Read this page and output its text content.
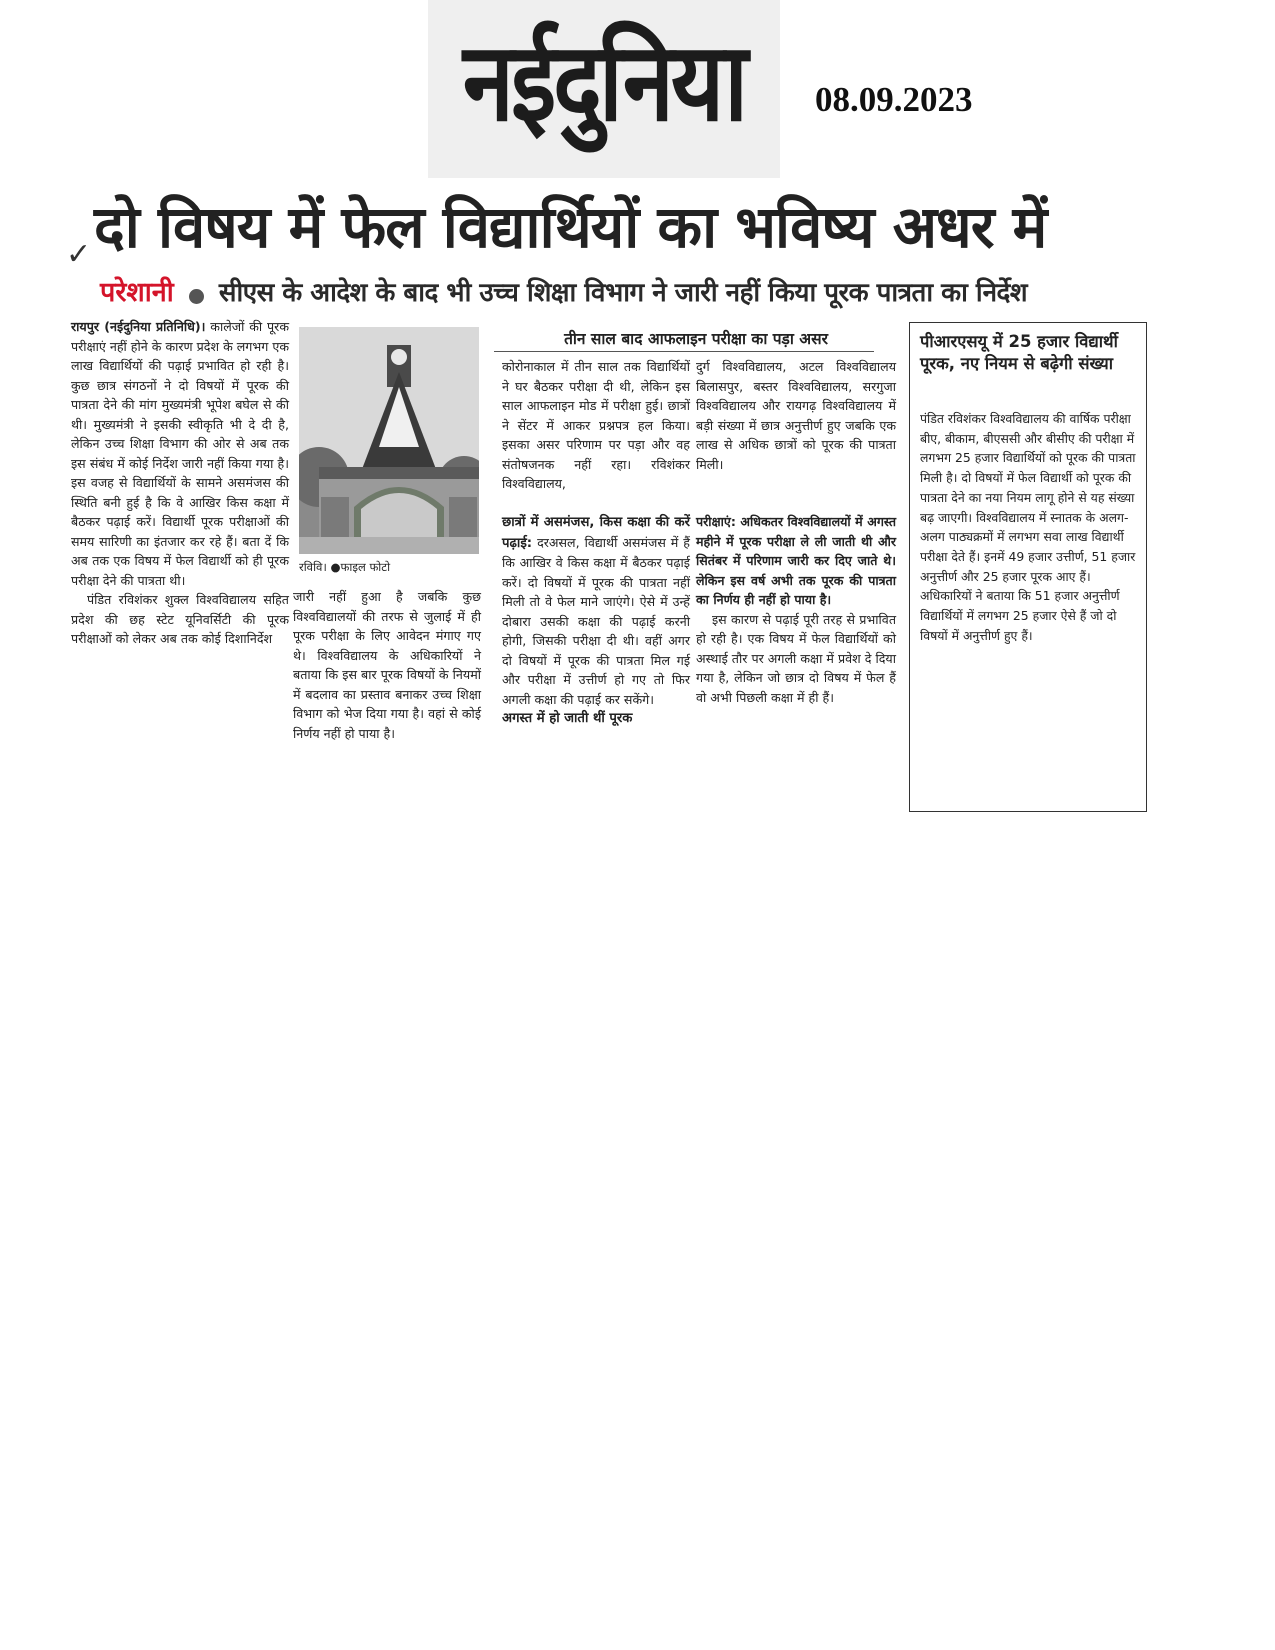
नईदुनिया	08.09.2023
✓ दो विषय में फेल विद्यार्थियों का भविष्य अधर में
परेशानी सीएस के आदेश के बाद भी उच्च शिक्षा विभाग ने जारी नहीं किया पूरक पात्रता का निर्देश

रायपुर (नईदुनिया प्रतिनिधि)। कालेजों की पूरक परीक्षाएं नहीं होने के कारण प्रदेश के लगभग एक लाख विद्यार्थियों की पढ़ाई प्रभावित हो रही है। कुछ छात्र संगठनों ने दो विषयों में पूरक की पात्रता देने की मांग मुख्यमंत्री भूपेश बघेल से की थी। मुख्यमंत्री ने इसकी स्वीकृति भी दे दी है, लेकिन उच्च शिक्षा विभाग की ओर से अब तक इस संबंध में कोई निर्देश जारी नहीं किया गया है। इस वजह से विद्यार्थियों के सामने असमंजस की स्थिति बनी हुई है कि वे आखिर किस कक्षा में बैठकर पढ़ाई करें। विद्यार्थी पूरक परीक्षाओं की समय सारिणी का इंतजार कर रहे हैं। बता दें कि अब तक एक विषय में फेल विद्यार्थी को ही पूरक परीक्षा देने की पात्रता थी।

पंडित रविशंकर शुक्ल विश्वविद्यालय सहित प्रदेश की छह स्टेट यूनिवर्सिटी की पूरक परीक्षाओं को लेकर अब तक कोई दिशानिर्देश

रविवि। ●फाइल फोटो

जारी नहीं हुआ है जबकि कुछ विश्वविद्यालयों की तरफ से जुलाई में ही पूरक परीक्षा के लिए आवेदन मंगाए गए थे। विश्वविद्यालय के अधिकारियों ने बताया कि इस बार पूरक विषयों के नियमों में बदलाव का प्रस्ताव बनाकर उच्च शिक्षा विभाग को भेज दिया गया है। वहां से कोई निर्णय नहीं हो पाया है।

तीन साल बाद आफलाइन परीक्षा का पड़ा असर

कोरोनाकाल में तीन साल तक विद्यार्थियों ने घर बैठकर परीक्षा दी थी, लेकिन इस साल आफलाइन मोड में परीक्षा हुई। छात्रों ने सेंटर में आकर प्रश्नपत्र हल किया। इसका असर परिणाम पर पड़ा और वह संतोषजनक नहीं रहा। रविशंकर विश्वविद्यालय,

दुर्ग विश्वविद्यालय, अटल विश्वविद्यालय बिलासपुर, बस्तर विश्वविद्यालय, सरगुजा विश्वविद्यालय और रायगढ़ विश्वविद्यालय में बड़ी संख्या में छात्र अनुत्तीर्ण हुए जबकि एक लाख से अधिक छात्रों को पूरक की पात्रता मिली।

छात्रों में असमंजस, किस कक्षा की करें पढ़ाई: दरअसल, विद्यार्थी असमंजस में हैं कि आखिर वे किस कक्षा में बैठकर पढ़ाई करें। दो विषयों में पूरक की पात्रता नहीं मिली तो वे फेल माने जाएंगे। ऐसे में उन्हें दोबारा उसकी कक्षा की पढ़ाई करनी होगी, जिसकी परीक्षा दी थी। वहीं अगर दो विषयों में पूरक की पात्रता मिल गई और परीक्षा में उत्तीर्ण हो गए तो फिर अगली कक्षा की पढ़ाई कर सकेंगे।

अगस्त में हो जाती थीं पूरक

परीक्षाएं: अधिकतर विश्वविद्यालयों में अगस्त महीने में पूरक परीक्षा ले ली जाती थी और सितंबर में परिणाम जारी कर दिए जाते थे। लेकिन इस वर्ष अभी तक पूरक की पात्रता का निर्णय ही नहीं हो पाया है।

इस कारण से पढ़ाई पूरी तरह से प्रभावित हो रही है। एक विषय में फेल विद्यार्थियों को अस्थाई तौर पर अगली कक्षा में प्रवेश दे दिया गया है, लेकिन जो छात्र दो विषय में फेल हैं वो अभी पिछली कक्षा में ही हैं।

पीआरएसयू में 25 हजार विद्यार्थी पूरक, नए नियम से बढ़ेगी संख्या
पंडित रविशंकर विश्वविद्यालय की वार्षिक परीक्षा बीए, बीकाम, बीएससी और बीसीए की परीक्षा में लगभग 25 हजार विद्यार्थियों को पूरक की पात्रता मिली है। दो विषयों में फेल विद्यार्थी को पूरक की पात्रता देने का नया नियम लागू होने से यह संख्या बढ़ जाएगी। विश्वविद्यालय में स्नातक के अलग-अलग पाठ्यक्रमों में लगभग सवा लाख विद्यार्थी परीक्षा देते हैं। इनमें 49 हजार उत्तीर्ण, 51 हजार अनुत्तीर्ण और 25 हजार पूरक आए हैं। अधिकारियों ने बताया कि 51 हजार अनुत्तीर्ण विद्यार्थियों में लगभग 25 हजार ऐसे हैं जो दो विषयों में अनुत्तीर्ण हुए हैं।
